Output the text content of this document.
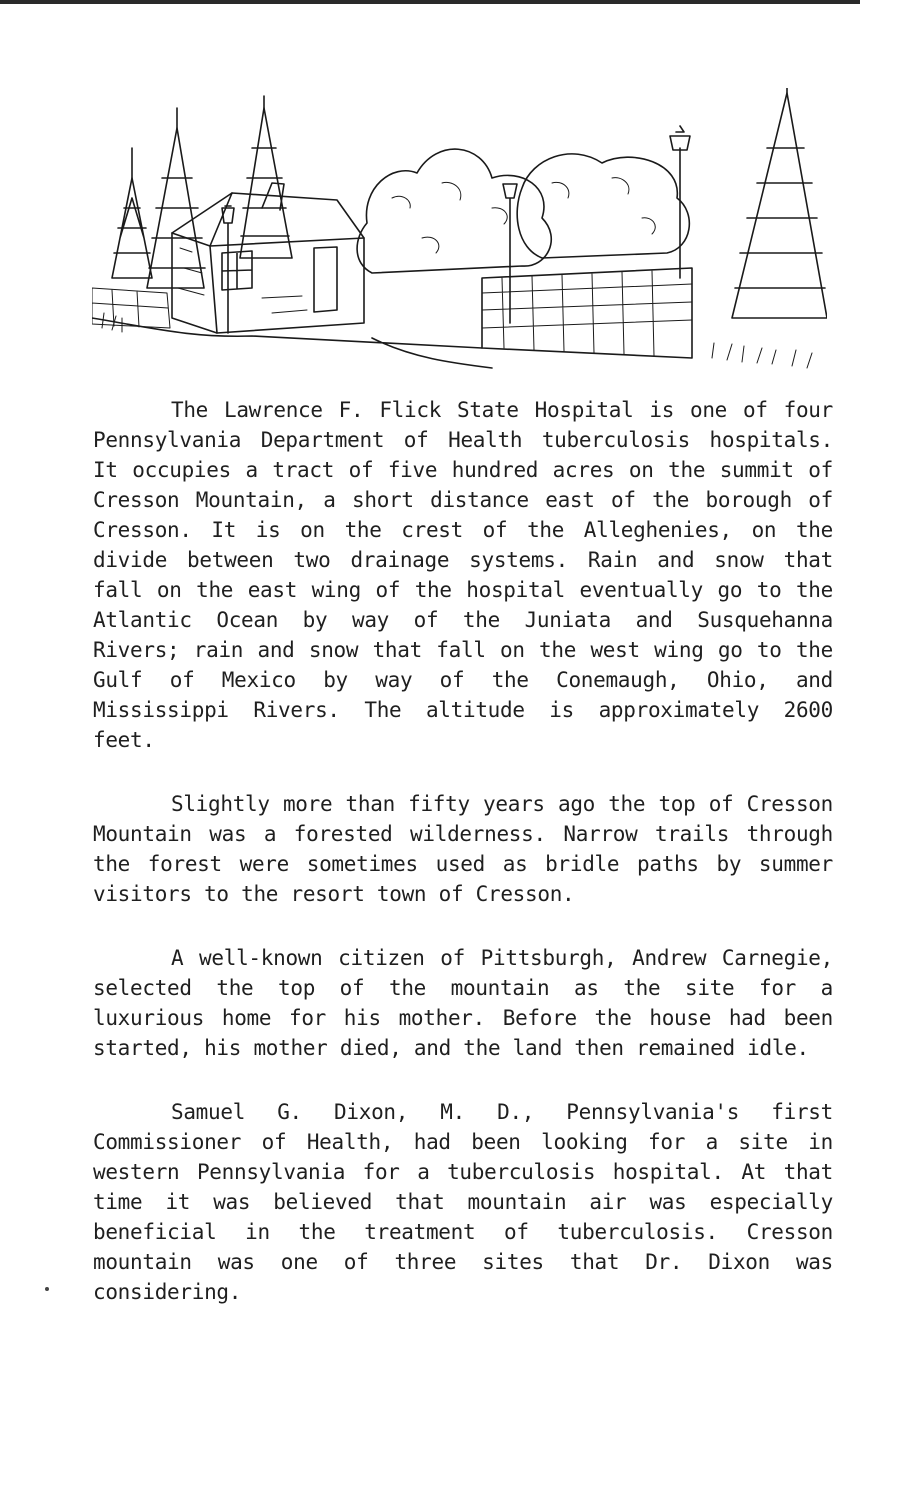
The Lawrence F. Flick State Hospital is one of four Pennsylvania Department of Health tuberculosis hospitals. It occupies a tract of five hundred acres on the summit of Cresson Mountain, a short distance east of the borough of Cresson. It is on the crest of the Alleghenies, on the divide between two drainage systems. Rain and snow that fall on the east wing of the hospital eventually go to the Atlantic Ocean by way of the Juniata and Susquehanna Rivers; rain and snow that fall on the west wing go to the Gulf of Mexico by way of the Conemaugh, Ohio, and Mississippi Rivers. The altitude is approximately 2600 feet.

Slightly more than fifty years ago the top of Cresson Mountain was a forested wilderness. Narrow trails through the forest were sometimes used as bridle paths by summer visitors to the resort town of Cresson.

A well-known citizen of Pittsburgh, Andrew Carnegie, selected the top of the mountain as the site for a luxurious home for his mother. Before the house had been started, his mother died, and the land then remained idle.

Samuel G. Dixon, M. D., Pennsylvania's first Commissioner of Health, had been looking for a site in western Pennsylvania for a tuberculosis hospital. At that time it was believed that mountain air was especially beneficial in the treatment of tuberculosis. Cresson mountain was one of three sites that Dr. Dixon was considering.
